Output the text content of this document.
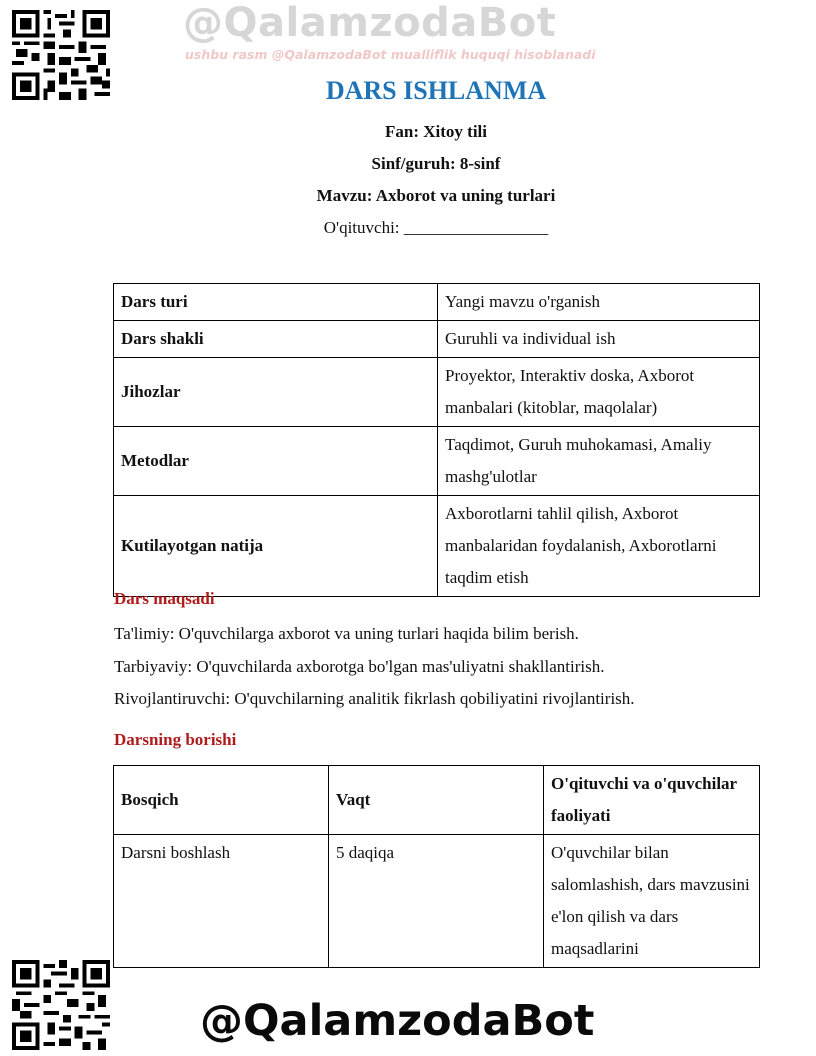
@QalamzodaBot
ushbu rasm @QalamzodaBot mualliflik huquqi hisoblanadi
DARS ISHLANMA
Fan: Xitoy tili
Sinf/guruh: 8-sinf
Mavzu: Axborot va uning turlari
O'qituvchi: _________________
Dars turi	Yangi mavzu o'rganish
Dars shakli	Guruhli va individual ish
Jihozlar	Proyektor, Interaktiv doska, Axborot manbalari (kitoblar, maqolalar)
Metodlar	Taqdimot, Guruh muhokamasi, Amaliy mashg'ulotlar
Kutilayotgan natija	Axborotlarni tahlil qilish, Axborot manbalaridan foydalanish, Axborotlarni taqdim etish
Dars maqsadi
Ta'limiy: O'quvchilarga axborot va uning turlari haqida bilim berish.
Tarbiyaviy: O'quvchilarda axborotga bo'lgan mas'uliyatni shakllantirish.
Rivojlantiruvchi: O'quvchilarning analitik fikrlash qobiliyatini rivojlantirish.
Darsning borishi
Bosqich	Vaqt	O'qituvchi va o'quvchilar faoliyati
Darsni boshlash	5 daqiqa	O'quvchilar bilan salomlashish, dars mavzusini e'lon qilish va dars maqsadlarini
@QalamzodaBot
